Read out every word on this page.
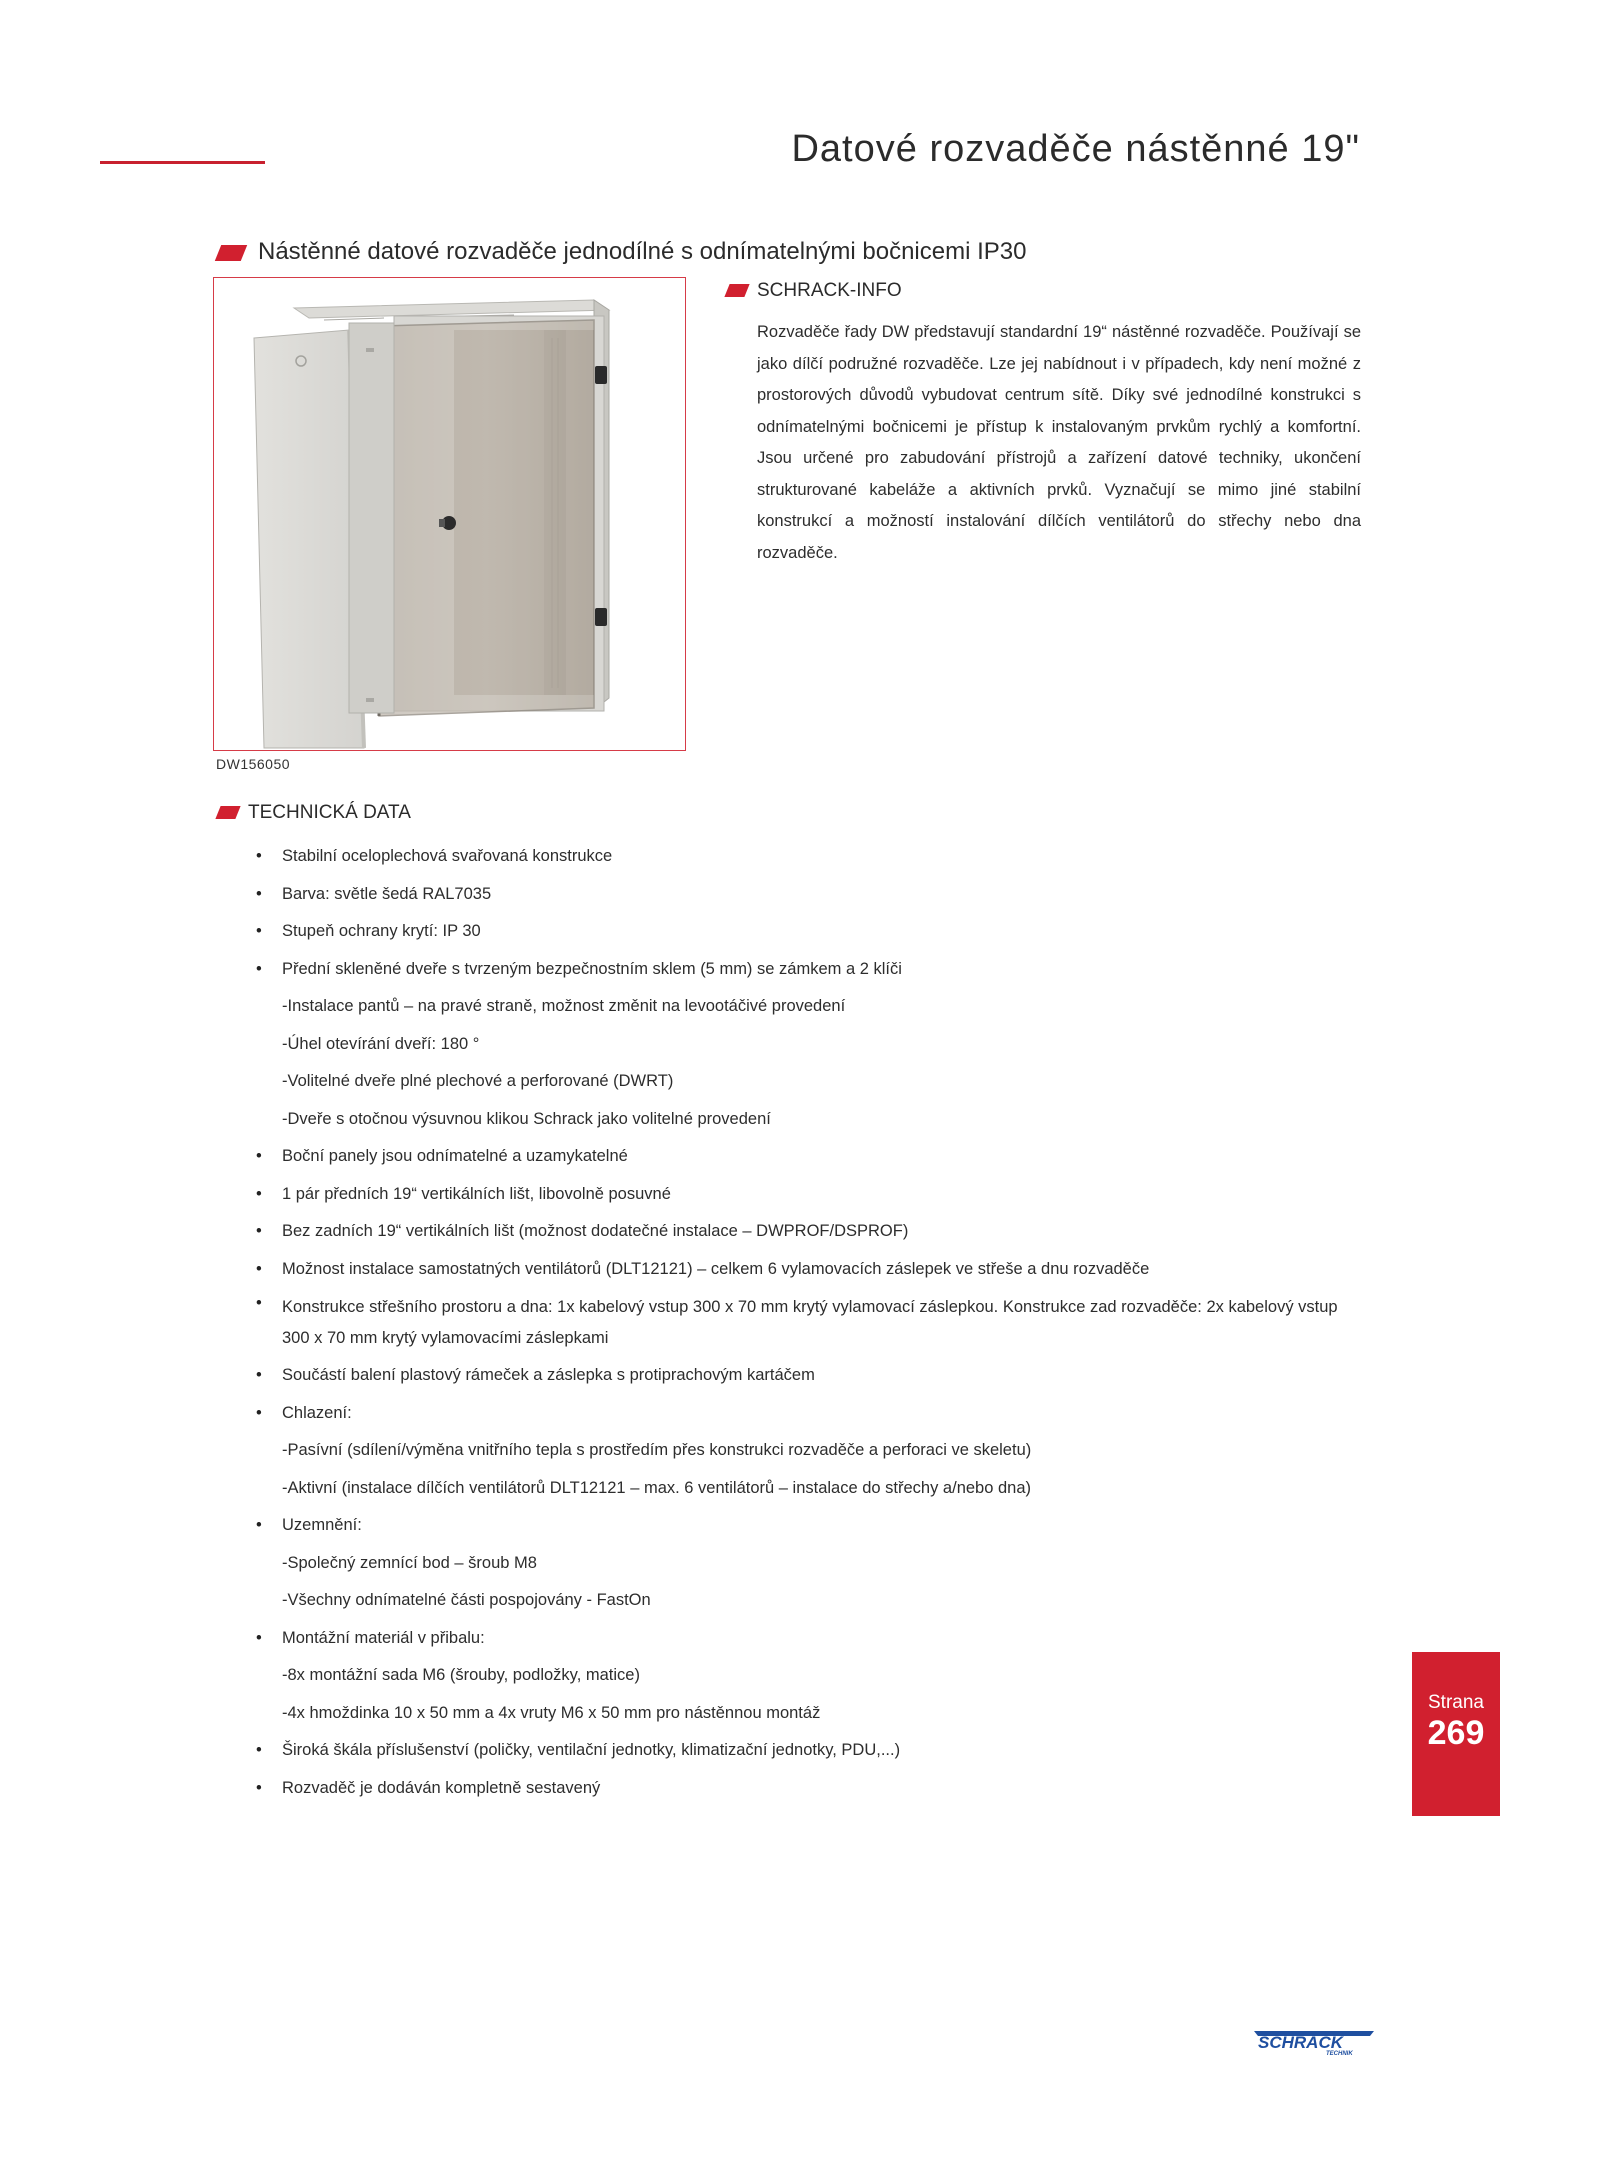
Datové rozvaděče nástěnné 19"
Nástěnné datové rozvaděče jednodílné s odnímatelnými bočnicemi IP30
DW156050
SCHRACK-INFO
Rozvaděče řady DW představují standardní 19“ nástěnné rozvaděče. Používají se jako dílčí podružné rozvaděče. Lze jej nabídnout i v případech, kdy není možné z prostorových důvodů vybudovat centrum sítě. Díky své jednodílné konstrukci s odnímatelnými bočnicemi je přístup k instalovaným prvkům rychlý a komfortní. Jsou určené pro zabudování přístrojů a zařízení datové techniky, ukončení strukturované kabeláže a aktivních prvků. Vyznačují se mimo jiné stabilní konstrukcí a možností instalování dílčích ventilátorů do střechy nebo dna rozvaděče.
TECHNICKÁ DATA
• Stabilní oceloplechová svařovaná konstrukce
• Barva: světle šedá RAL7035
• Stupeň ochrany krytí: IP 30
• Přední skleněné dveře s tvrzeným bezpečnostním sklem (5 mm) se zámkem a 2 klíči
-Instalace pantů – na pravé straně, možnost změnit na levootáčivé provedení
-Úhel otevírání dveří: 180 °
-Volitelné dveře plné plechové a perforované (DWRT)
-Dveře s otočnou výsuvnou klikou Schrack jako volitelné provedení
• Boční panely jsou odnímatelné a uzamykatelné
• 1 pár předních 19“ vertikálních lišt, libovolně posuvné
• Bez zadních 19“ vertikálních lišt (možnost dodatečné instalace – DWPROF/DSPROF)
• Možnost instalace samostatných ventilátorů (DLT12121) – celkem 6 vylamovacích záslepek ve střeše a dnu rozvaděče
• Konstrukce střešního prostoru a dna: 1x kabelový vstup 300 x 70 mm krytý vylamovací záslepkou. Konstrukce zad rozvaděče: 2x kabelový vstup 300 x 70 mm krytý vylamovacími záslepkami
• Součástí balení plastový rámeček a záslepka s protiprachovým kartáčem
• Chlazení:
-Pasívní (sdílení/výměna vnitřního tepla s prostředím přes konstrukci rozvaděče a perforaci ve skeletu)
-Aktivní (instalace dílčích ventilátorů DLT12121 – max. 6 ventilátorů – instalace do střechy a/nebo dna)
• Uzemnění:
-Společný zemnící bod – šroub M8
-Všechny odnímatelné části pospojovány - FastOn
• Montážní materiál v přibalu:
-8x montážní sada M6 (šrouby, podložky, matice)
-4x hmoždinka 10 x 50 mm a 4x vruty M6 x 50 mm pro nástěnnou montáž
• Široká škála příslušenství (poličky, ventilační jednotky, klimatizační jednotky, PDU,...)
• Rozvaděč je dodáván kompletně sestavený
Strana
269
SCHRACK
TECHNIK
